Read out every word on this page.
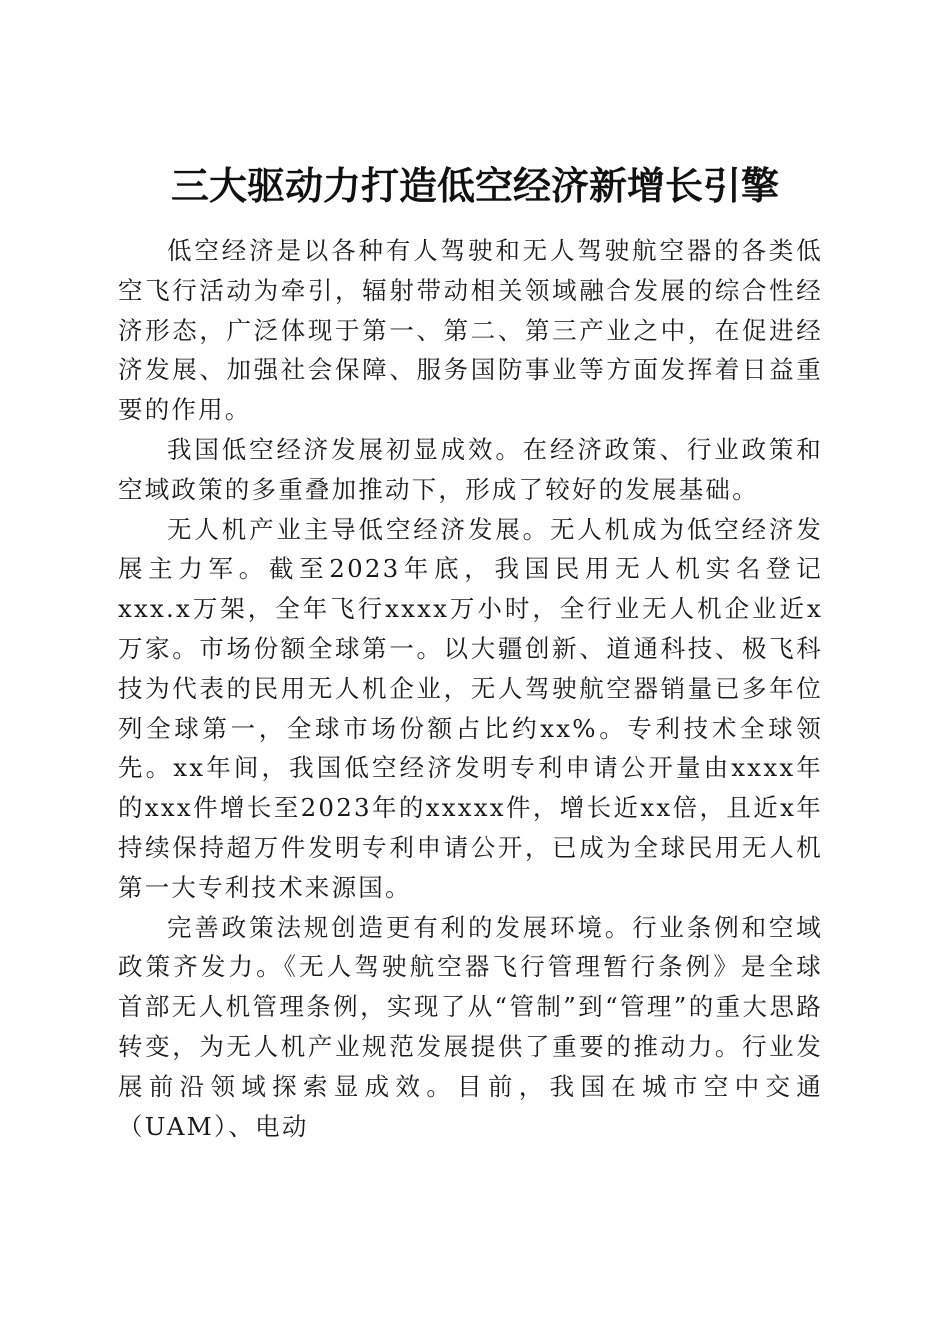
三大驱动力打造低空经济新增长引擎

低空经济是以各种有人驾驶和无人驾驶航空器的各类低空飞行活动为牵引，辐射带动相关领域融合发展的综合性经济形态，广泛体现于第一、第二、第三产业之中，在促进经济发展、加强社会保障、服务国防事业等方面发挥着日益重要的作用。

我国低空经济发展初显成效。在经济政策、行业政策和空域政策的多重叠加推动下，形成了较好的发展基础。

无人机产业主导低空经济发展。无人机成为低空经济发展主力军。截至2023年底，我国民用无人机实名登记xxx.x万架，全年飞行xxxx万小时，全行业无人机企业近x万家。市场份额全球第一。以大疆创新、道通科技、极飞科技为代表的民用无人机企业，无人驾驶航空器销量已多年位列全球第一，全球市场份额占比约xx%。专利技术全球领先。xx年间，我国低空经济发明专利申请公开量由xxxx年的xxx件增长至2023年的xxxxx件，增长近xx倍，且近x年持续保持超万件发明专利申请公开，已成为全球民用无人机第一大专利技术来源国。

完善政策法规创造更有利的发展环境。行业条例和空域政策齐发力。《无人驾驶航空器飞行管理暂行条例》是全球首部无人机管理条例，实现了从“管制”到“管理”的重大思路转变，为无人机产业规范发展提供了重要的推动力。行业发展前沿领域探索显成效。目前，我国在城市空中交通（UAM）、电动
